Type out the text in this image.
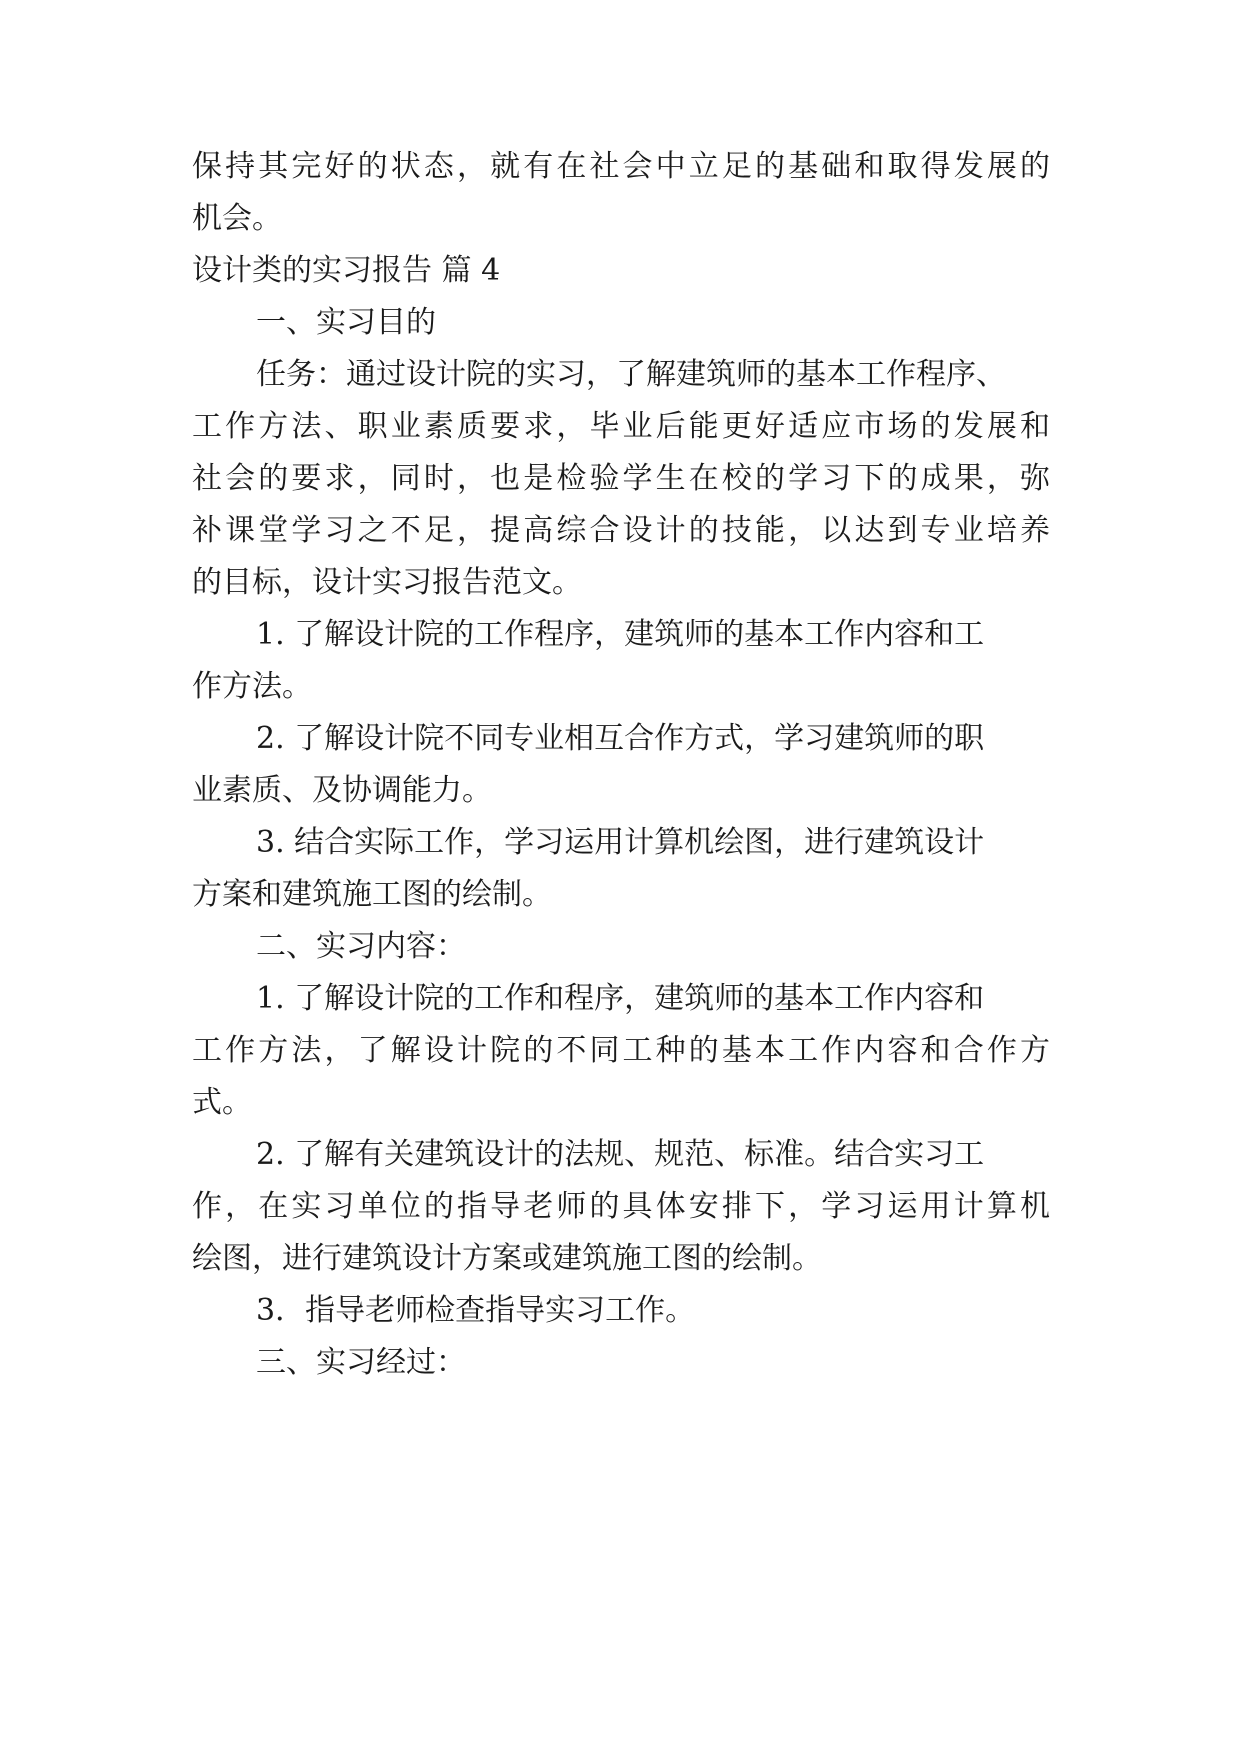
保持其完好的状态，就有在社会中立足的基础和取得发展的

机会。

设计类的实习报告 篇 4

一、实习目的

任务：通过设计院的实习，了解建筑师的基本工作程序、

工作方法、职业素质要求，毕业后能更好适应市场的发展和

社会的要求，同时，也是检验学生在校的学习下的成果，弥

补课堂学习之不足，提高综合设计的技能，以达到专业培养

的目标，设计实习报告范文。

1. 了解设计院的工作程序，建筑师的基本工作内容和工

作方法。

2. 了解设计院不同专业相互合作方式，学习建筑师的职

业素质、及协调能力。

3. 结合实际工作，学习运用计算机绘图，进行建筑设计

方案和建筑施工图的绘制。

二、实习内容：

1. 了解设计院的工作和程序，建筑师的基本工作内容和

工作方法，了解设计院的不同工种的基本工作内容和合作方

式。

2. 了解有关建筑设计的法规、规范、标准。结合实习工

作，在实习单位的指导老师的具体安排下，学习运用计算机

绘图，进行建筑设计方案或建筑施工图的绘制。

3．指导老师检查指导实习工作。

三、实习经过：
